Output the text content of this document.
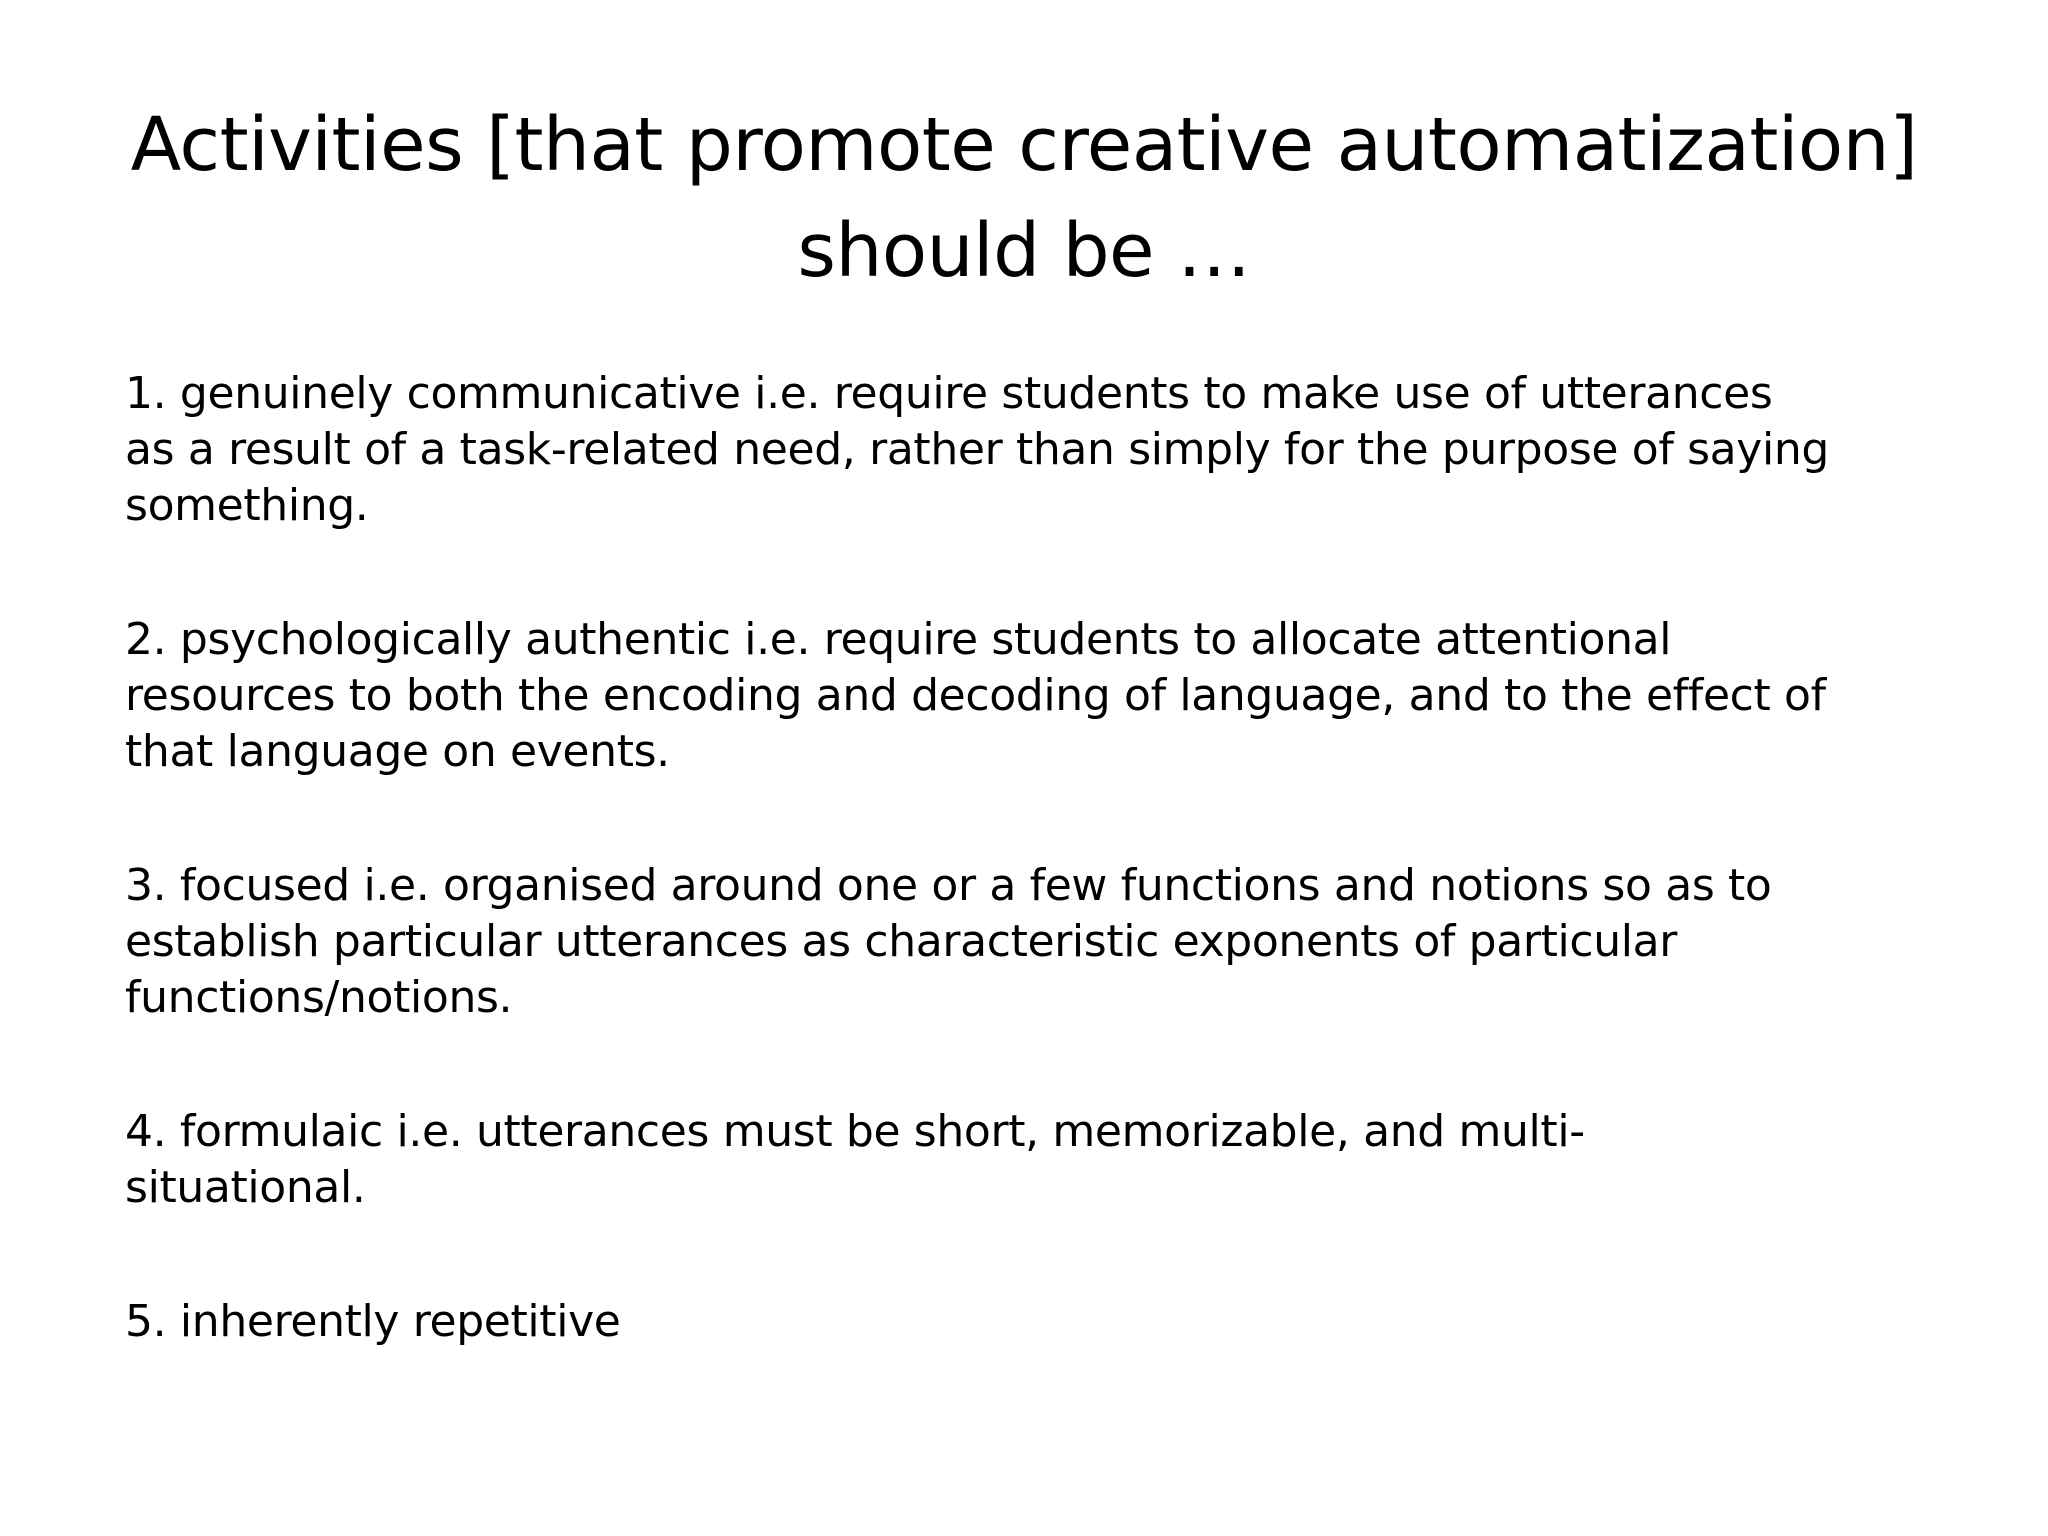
Activities [that promote creative automatization]
should be …
1. genuinely communicative i.e. require students to make use of utterances
as a result of a task-related need, rather than simply for the purpose of saying
something.
2. psychologically authentic i.e. require students to allocate attentional
resources to both the encoding and decoding of language, and to the effect of
that language on events.
3. focused i.e. organised around one or a few functions and notions so as to
establish particular utterances as characteristic exponents of particular
functions/notions.
4. formulaic i.e. utterances must be short, memorizable, and multi-
situational.
5. inherently repetitive
